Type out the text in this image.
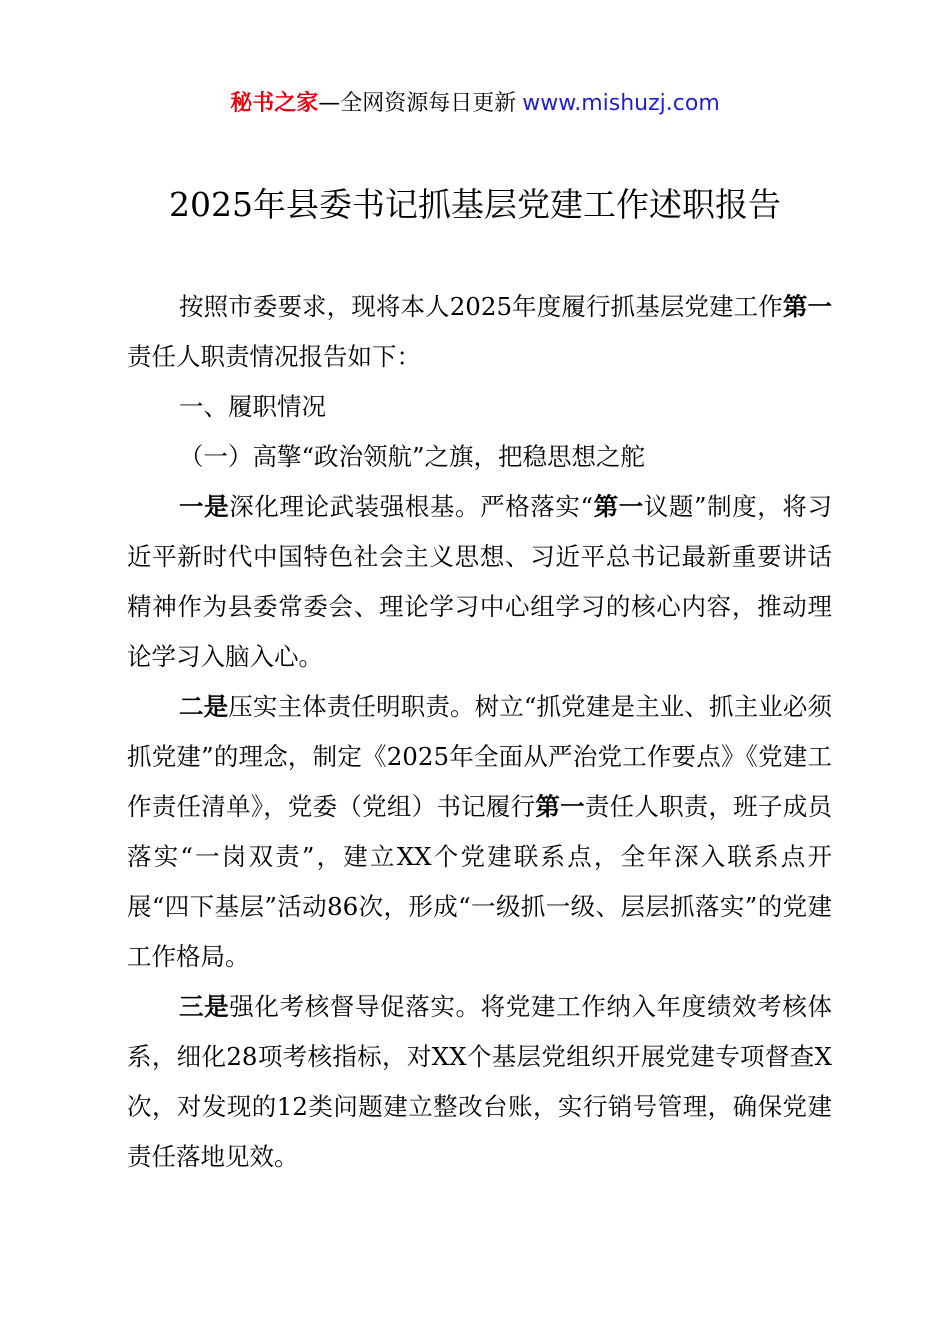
秘书之家—全网资源每日更新 www.mishuzj.com
2025年县委书记抓基层党建工作述职报告

按照市委要求，现将本人2025年度履行抓基层党建工作第一责任人职责情况报告如下：

一、履职情况

（一）高擎“政治领航”之旗，把稳思想之舵

一是深化理论武装强根基。严格落实“第一议题”制度，将习近平新时代中国特色社会主义思想、习近平总书记最新重要讲话精神作为县委常委会、理论学习中心组学习的核心内容，推动理论学习入脑入心。

二是压实主体责任明职责。树立“抓党建是主业、抓主业必须抓党建”的理念，制定《2025年全面从严治党工作要点》《党建工作责任清单》，党委（党组）书记履行第一责任人职责，班子成员落实“一岗双责”，建立XX个党建联系点，全年深入联系点开展“四下基层”活动86次，形成“一级抓一级、层层抓落实”的党建工作格局。

三是强化考核督导促落实。将党建工作纳入年度绩效考核体系，细化28项考核指标，对XX个基层党组织开展党建专项督查X次，对发现的12类问题建立整改台账，实行销号管理，确保党建责任落地见效。
